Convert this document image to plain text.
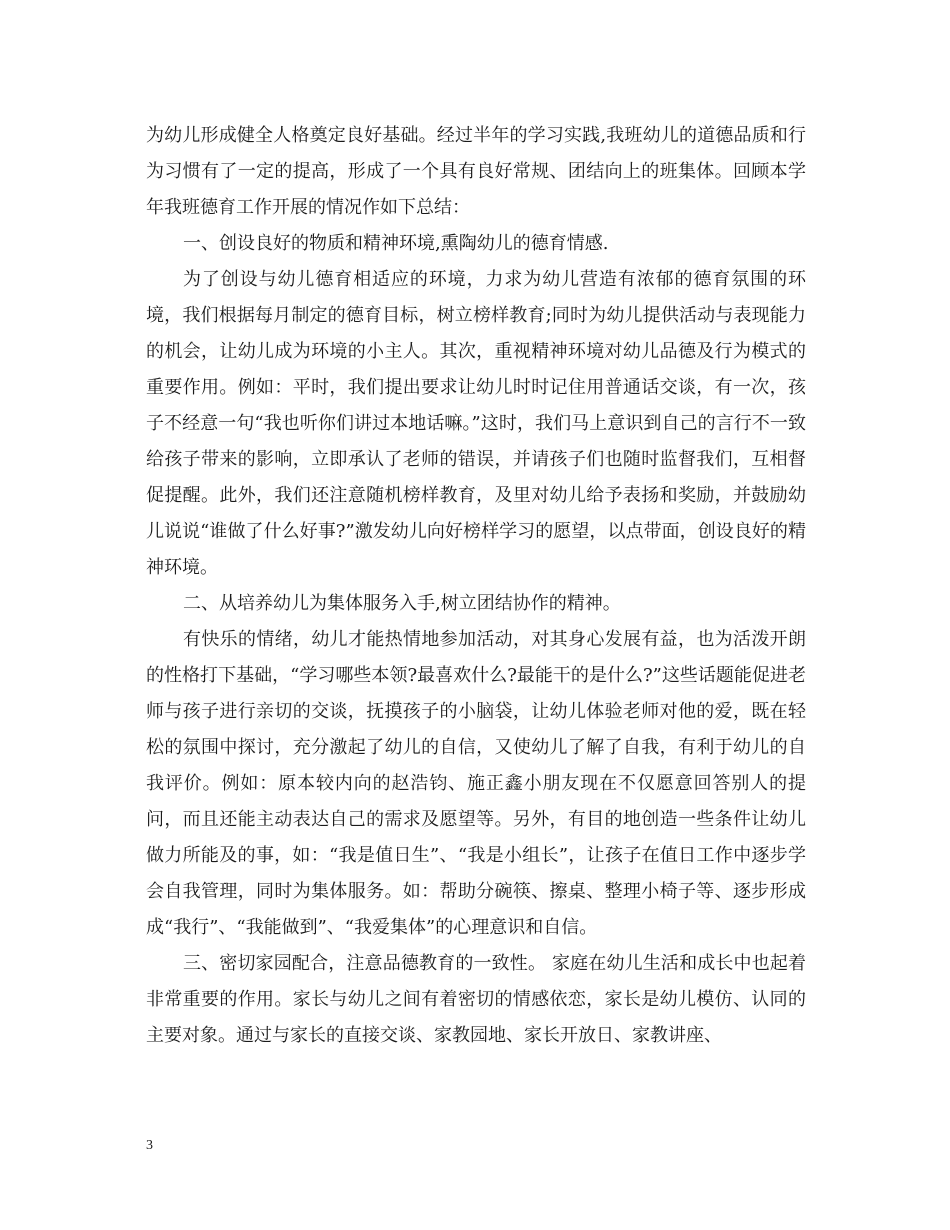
为幼儿形成健全人格奠定良好基础。经过半年的学习实践,我班幼儿的道德品质和行为习惯有了一定的提高，形成了一个具有良好常规、团结向上的班集体。回顾本学年我班德育工作开展的情况作如下总结：

一、创设良好的物质和精神环境,熏陶幼儿的德育情感.

为了创设与幼儿德育相适应的环境，力求为幼儿营造有浓郁的德育氛围的环境，我们根据每月制定的德育目标，树立榜样教育;同时为幼儿提供活动与表现能力的机会，让幼儿成为环境的小主人。其次，重视精神环境对幼儿品德及行为模式的重要作用。例如：平时，我们提出要求让幼儿时时记住用普通话交谈，有一次，孩子不经意一句“我也听你们讲过本地话嘛。”这时，我们马上意识到自己的言行不一致给孩子带来的影响，立即承认了老师的错误，并请孩子们也随时监督我们，互相督促提醒。此外，我们还注意随机榜样教育，及里对幼儿给予表扬和奖励，并鼓励幼儿说说“谁做了什么好事?”激发幼儿向好榜样学习的愿望，以点带面，创设良好的精神环境。

二、从培养幼儿为集体服务入手,树立团结协作的精神。

有快乐的情绪，幼儿才能热情地参加活动，对其身心发展有益，也为活泼开朗的性格打下基础，“学习哪些本领?最喜欢什么?最能干的是什么?”这些话题能促进老师与孩子进行亲切的交谈，抚摸孩子的小脑袋，让幼儿体验老师对他的爱，既在轻松的氛围中探讨，充分激起了幼儿的自信，又使幼儿了解了自我，有利于幼儿的自我评价。例如：原本较内向的赵浩钧、施正鑫小朋友现在不仅愿意回答别人的提问，而且还能主动表达自己的需求及愿望等。另外，有目的地创造一些条件让幼儿做力所能及的事，如：“我是值日生”、“我是小组长”，让孩子在值日工作中逐步学会自我管理，同时为集体服务。如：帮助分碗筷、擦桌、整理小椅子等、逐步形成成“我行”、“我能做到”、“我爱集体”的心理意识和自信。

三、密切家园配合，注意品德教育的一致性。 家庭在幼儿生活和成长中也起着非常重要的作用。家长与幼儿之间有着密切的情感依恋，家长是幼儿模仿、认同的主要对象。通过与家长的直接交谈、家教园地、家长开放日、家教讲座、

3
